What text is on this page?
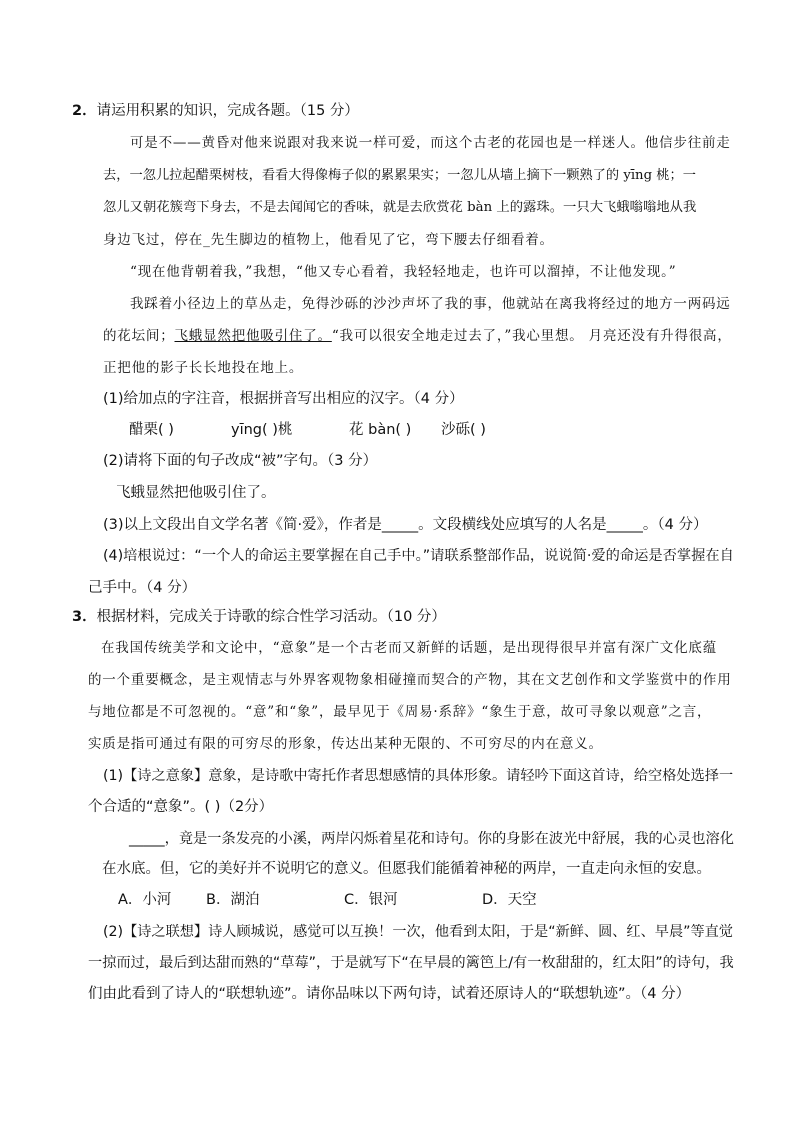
2．请运用积累的知识，完成各题。（15 分）
可是不——黄昏对他来说跟对我来说一样可爱，而这个古老的花园也是一样迷人。他信步往前走
去，一忽儿拉起醋栗树枝，看看大得像梅子似的累累果实；一忽儿从墙上摘下一颗熟了的 yīng 桃；一
忽儿又朝花簇弯下身去，不是去闻闻它的香味，就是去欣赏花 bàn 上的露珠。一只大飞蛾嗡嗡地从我
身边飞过，停在_先生脚边的植物上，他看见了它，弯下腰去仔细看着。
“现在他背朝着我，”我想，“他又专心看着，我轻轻地走，也许可以溜掉，不让他发现。”
我踩着小径边上的草丛走，免得沙砾的沙沙声坏了我的事，他就站在离我将经过的地方一两码远
的花坛间；飞蛾显然把他吸引住了。“我可以很安全地走过去了，”我心里想。 月亮还没有升得很高，
正把他的影子长长地投在地上。
(1)给加点的字注音，根据拼音写出相应的汉字。（4 分）
醋栗( )	yīng( )桃	花 bàn( ) 沙砾( )
(2)请将下面的句子改成“被”字句。（3 分）
飞蛾显然把他吸引住了。
(3)以上文段出自文学名著《简·爱》，作者是_____。文段横线处应填写的人名是_____。（4 分）
(4)培根说过：“一个人的命运主要掌握在自己手中。”请联系整部作品，说说简·爱的命运是否掌握在自
己手中。（4 分）
3．根据材料，完成关于诗歌的综合性学习活动。（10 分）
在我国传统美学和文论中，“意象”是一个古老而又新鲜的话题，是出现得很早并富有深广文化底蕴
的一个重要概念，是主观情志与外界客观物象相碰撞而契合的产物，其在文艺创作和文学鉴赏中的作用
与地位都是不可忽视的。“意”和“象”，最早见于《周易·系辞》“象生于意，故可寻象以观意”之言，
实质是指可通过有限的可穷尽的形象，传达出某种无限的、不可穷尽的内在意义。
(1)【诗之意象】意象，是诗歌中寄托作者思想感情的具体形象。请轻吟下面这首诗，给空格处选择一
个合适的“意象”。( )（2分）
_____，竟是一条发亮的小溪，两岸闪烁着星花和诗句。你的身影在波光中舒展，我的心灵也溶化
在水底。但，它的美好并不说明它的意义。但愿我们能循着神秘的两岸，一直走向永恒的安息。
A．小河 B．湖泊	C．银河	D．天空
(2)【诗之联想】诗人顾城说，感觉可以互换！一次，他看到太阳，于是“新鲜、圆、红、早晨”等直觉
一掠而过，最后到达甜而熟的“草莓”，于是就写下“在早晨的篱笆上/有一枚甜甜的，红太阳”的诗句，我
们由此看到了诗人的“联想轨迹”。请你品味以下两句诗，试着还原诗人的“联想轨迹”。（4 分）
